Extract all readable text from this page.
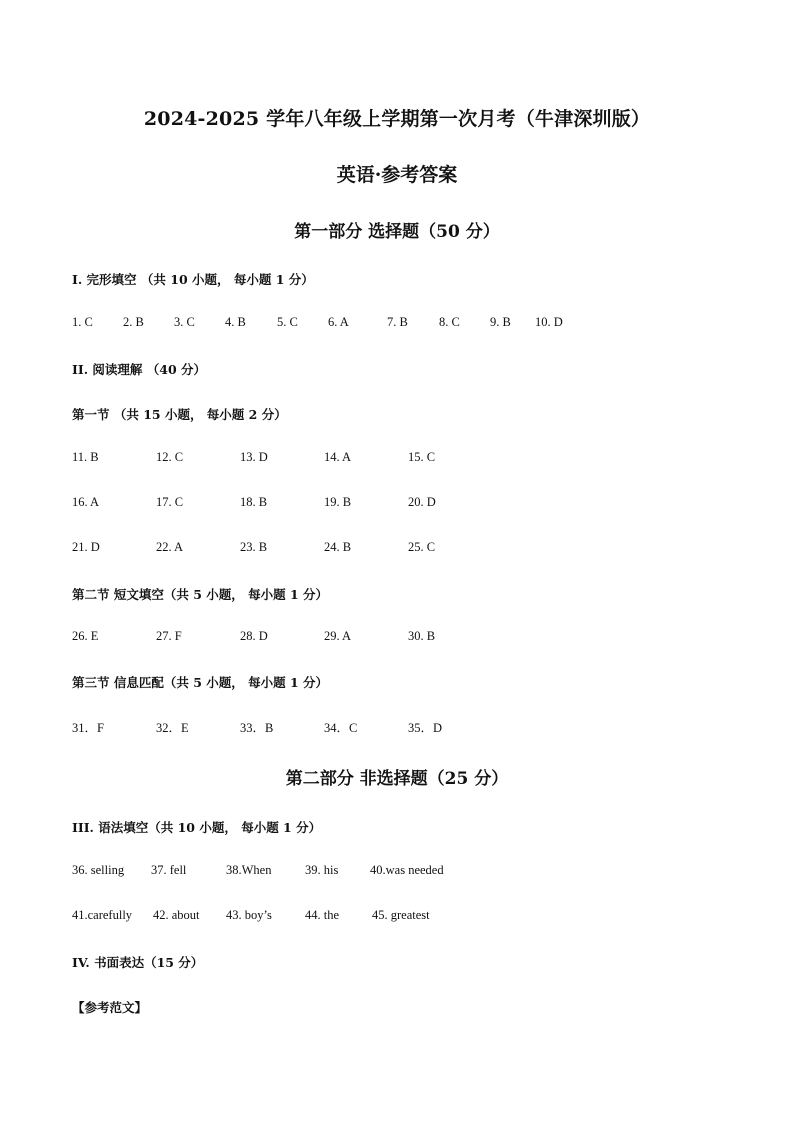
2024-2025 学年八年级上学期第一次月考（牛津深圳版）
英语·参考答案
第一部分 选择题（50 分）
I. 完形填空 （共 10 小题， 每小题 1 分）
1. C 2. B 3. C 4. B 5. C 6. A	7. B 8. C 9. B 10. D
II. 阅读理解 （40 分）
第一节 （共 15 小题， 每小题 2 分）
11. B	12. C	13. D	14. A	15. C
16. A	17. C	18. B	19. B	20. D
21. D	22. A	23. B	24. B	25. C
第二节 短文填空（共 5 小题， 每小题 1 分）
26. E	27. F	28. D	29. A	30. B
第三节 信息匹配（共 5 小题， 每小题 1 分）
31．F	32．E	33．B	34．C	35．D
第二部分 非选择题（25 分）
III. 语法填空（共 10 小题， 每小题 1 分）
36. selling 37. fell	38.When	39. his	40.was needed
41.carefully 42. about 43. boy’s	44. the	45. greatest
IV. 书面表达（15 分）
【参考范文】
